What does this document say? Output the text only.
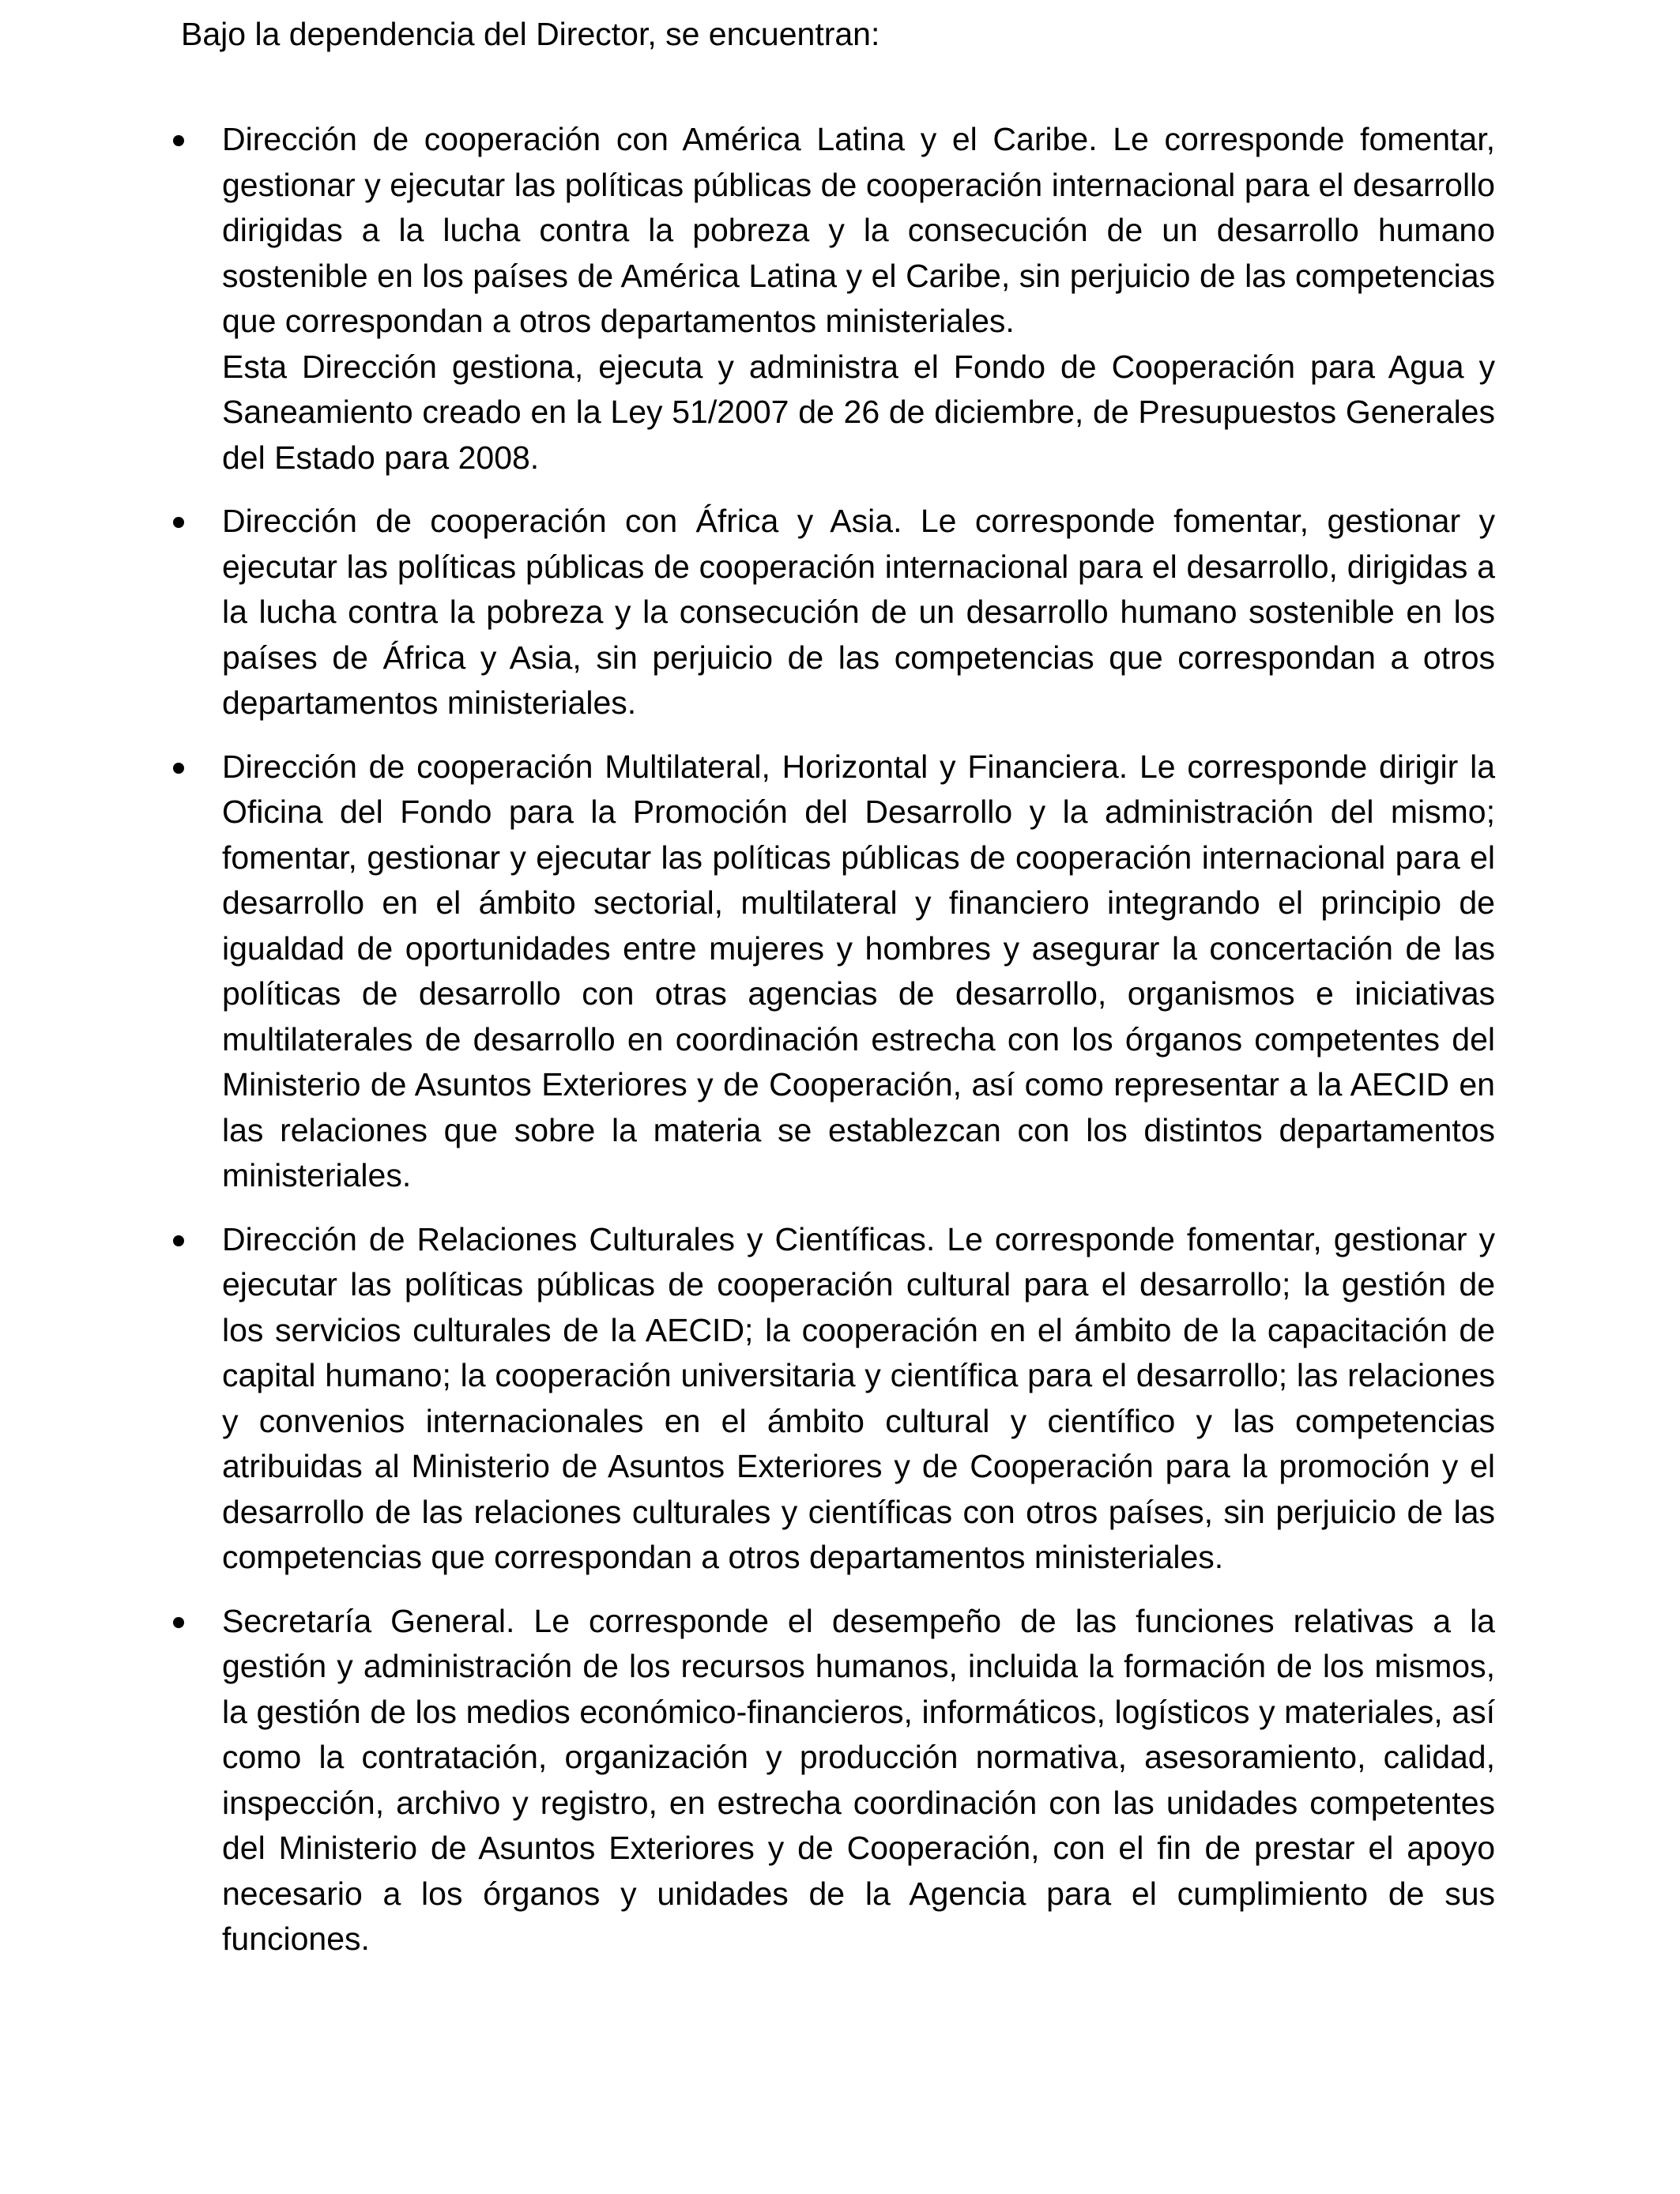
Bajo la dependencia del Director, se encuentran:

Dirección de cooperación con América Latina y el Caribe. Le corresponde fomentar, gestionar y ejecutar las políticas públicas de cooperación internacional para el desarrollo dirigidas a la lucha contra la pobreza y la consecución de un desarrollo humano sostenible en los países de América Latina y el Caribe, sin perjuicio de las competencias que correspondan a otros departamentos ministeriales.

Esta Dirección gestiona, ejecuta y administra el Fondo de Cooperación para Agua y Saneamiento creado en la Ley 51/2007 de 26 de diciembre, de Presupuestos Generales del Estado para 2008.

Dirección de cooperación con África y Asia. Le corresponde fomentar, gestionar y ejecutar las políticas públicas de cooperación internacional para el desarrollo, dirigidas a la lucha contra la pobreza y la consecución de un desarrollo humano sostenible en los países de África y Asia, sin perjuicio de las competencias que correspondan a otros departamentos ministeriales.

Dirección de cooperación Multilateral, Horizontal y Financiera. Le corresponde dirigir la Oficina del Fondo para la Promoción del Desarrollo y la administración del mismo; fomentar, gestionar y ejecutar las políticas públicas de cooperación internacional para el desarrollo en el ámbito sectorial, multilateral y financiero integrando el principio de igualdad de oportunidades entre mujeres y hombres y asegurar la concertación de las políticas de desarrollo con otras agencias de desarrollo, organismos e iniciativas multilaterales de desarrollo en coordinación estrecha con los órganos competentes del Ministerio de Asuntos Exteriores y de Cooperación, así como representar a la AECID en las relaciones que sobre la materia se establezcan con los distintos departamentos ministeriales.

Dirección de Relaciones Culturales y Científicas. Le corresponde fomentar, gestionar y ejecutar las políticas públicas de cooperación cultural para el desarrollo; la gestión de los servicios culturales de la AECID; la cooperación en el ámbito de la capacitación de capital humano; la cooperación universitaria y científica para el desarrollo; las relaciones y convenios internacionales en el ámbito cultural y científico y las competencias atribuidas al Ministerio de Asuntos Exteriores y de Cooperación para la promoción y el desarrollo de las relaciones culturales y científicas con otros países, sin perjuicio de las competencias que correspondan a otros departamentos ministeriales.

Secretaría General. Le corresponde el desempeño de las funciones relativas a la gestión y administración de los recursos humanos, incluida la formación de los mismos, la gestión de los medios económico-financieros, informáticos, logísticos y materiales, así como la contratación, organización y producción normativa, asesoramiento, calidad, inspección, archivo y registro, en estrecha coordinación con las unidades competentes del Ministerio de Asuntos Exteriores y de Cooperación, con el fin de prestar el apoyo necesario a los órganos y unidades de la Agencia para el cumplimiento de sus funciones.
